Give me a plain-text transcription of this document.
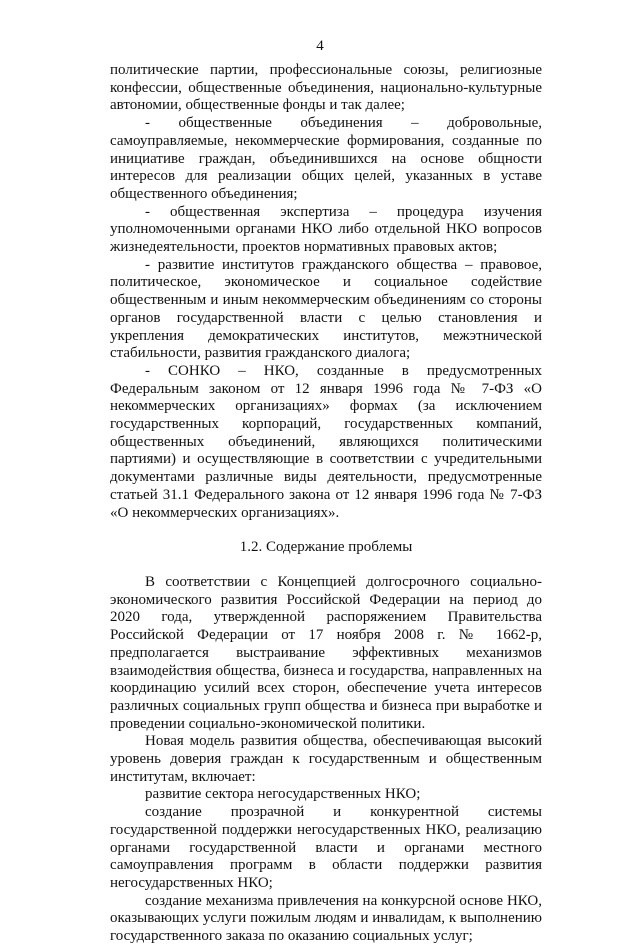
4

политические партии, профессиональные союзы, религиозные конфессии, общественные объединения, национально-культурные автономии, общественные фонды и так далее;

- общественные объединения – добровольные, самоуправляемые, некоммерческие формирования, созданные по инициативе граждан, объединившихся на основе общности интересов для реализации общих целей, указанных в уставе общественного объединения;

- общественная экспертиза – процедура изучения уполномоченными органами НКО либо отдельной НКО вопросов жизнедеятельности, проектов нормативных правовых актов;

- развитие институтов гражданского общества – правовое, политическое, экономическое и социальное содействие общественным и иным некоммерческим объединениям со стороны органов государственной власти с целью становления и укрепления демократических институтов, межэтнической стабильности, развития гражданского диалога;

- СОНКО – НКО, созданные в предусмотренных Федеральным законом от 12 января 1996 года № 7-ФЗ «О некоммерческих организациях» формах (за исключением государственных корпораций, государственных компаний, общественных объединений, являющихся политическими партиями) и осуществляющие в соответствии с учредительными документами различные виды деятельности, предусмотренные статьей 31.1 Федерального закона от 12 января 1996 года № 7-ФЗ «О некоммерческих организациях».

1.2. Содержание проблемы

В соответствии с Концепцией долгосрочного социально-экономического развития Российской Федерации на период до 2020 года, утвержденной распоряжением Правительства Российской Федерации от 17 ноября 2008 г. № 1662-р, предполагается выстраивание эффективных механизмов взаимодействия общества, бизнеса и государства, направленных на координацию усилий всех сторон, обеспечение учета интересов различных социальных групп общества и бизнеса при выработке и проведении социально-экономической политики.

Новая модель развития общества, обеспечивающая высокий уровень доверия граждан к государственным и общественным институтам, включает:

развитие сектора негосударственных НКО;

создание прозрачной и конкурентной системы государственной поддержки негосударственных НКО, реализацию органами государственной власти и органами местного самоуправления программ в области поддержки развития негосударственных НКО;

создание механизма привлечения на конкурсной основе НКО, оказывающих услуги пожилым людям и инвалидам, к выполнению государственного заказа по оказанию социальных услуг;
